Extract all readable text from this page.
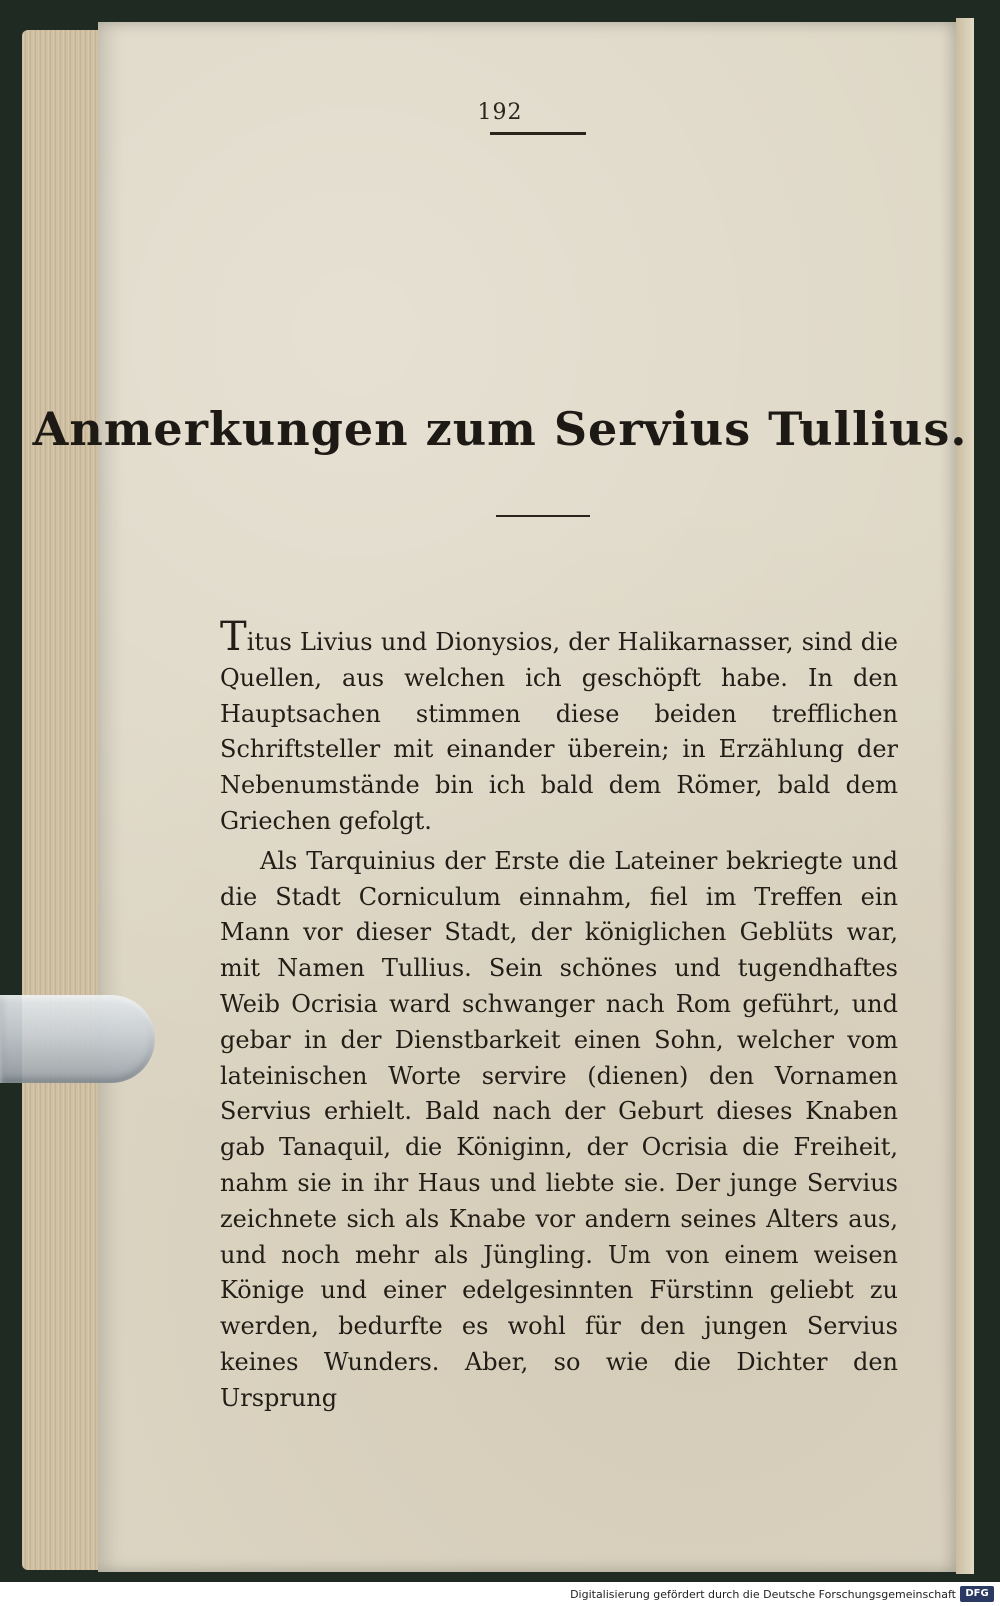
192
Anmerkungen zum Servius Tullius.

Titus Livius und Dionysios, der Halikarnasser, sind die Quellen, aus welchen ich geschöpft habe. In den Hauptsachen stimmen diese beiden trefflichen Schriftsteller mit einander überein; in Erzählung der Nebenumstände bin ich bald dem Römer, bald dem Griechen gefolgt.

Als Tarquinius der Erste die Lateiner bekriegte und die Stadt Corniculum einnahm, fiel im Treffen ein Mann vor dieser Stadt, der königlichen Geblüts war, mit Namen Tullius. Sein schönes und tugendhaftes Weib Ocrisia ward schwanger nach Rom geführt, und gebar in der Dienstbarkeit einen Sohn, welcher vom lateinischen Worte servire (dienen) den Vornamen Servius erhielt. Bald nach der Geburt dieses Knaben gab Tanaquil, die Königinn, der Ocrisia die Freiheit, nahm sie in ihr Haus und liebte sie. Der junge Servius zeichnete sich als Knabe vor andern seines Alters aus, und noch mehr als Jüngling. Um von einem weisen Könige und einer edelgesinnten Fürstinn geliebt zu werden, bedurfte es wohl für den jungen Servius keines Wunders. Aber, so wie die Dichter den Ursprung

Digitalisierung gefördert durch die Deutsche Forschungsgemeinschaft DFG
